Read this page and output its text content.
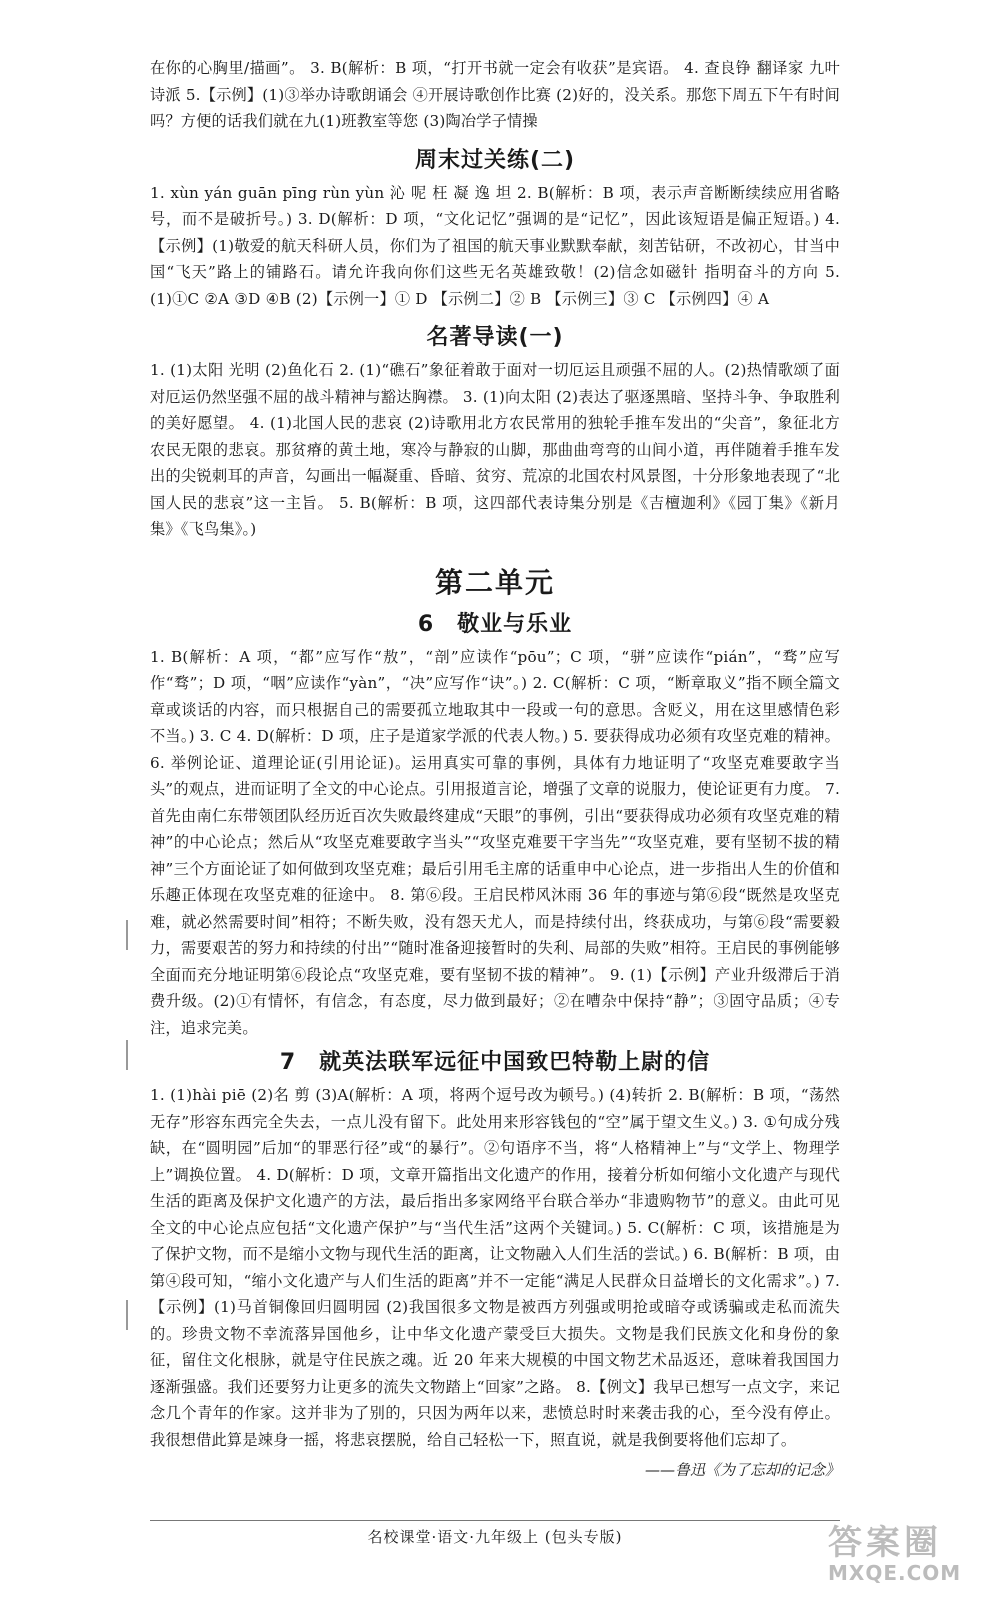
在你的心胸里/描画”。 3. B(解析：B 项，“打开书就一定会有收获”是宾语。 4. 查良铮 翻译家 九叶诗派 5.【示例】(1)③举办诗歌朗诵会 ④开展诗歌创作比赛 (2)好的，没关系。那您下周五下午有时间吗？方便的话我们就在九(1)班教室等您 (3)陶冶学子情操

周末过关练(二)

1. xùn yán guān pīng rùn yùn 沁 呢 枉 凝 逸 坦 2. B(解析：B 项，表示声音断断续续应用省略号，而不是破折号。) 3. D(解析：D 项，“文化记忆”强调的是“记忆”，因此该短语是偏正短语。) 4.【示例】(1)敬爱的航天科研人员，你们为了祖国的航天事业默默奉献，刻苦钻研，不改初心，甘当中国“飞天”路上的铺路石。请允许我向你们这些无名英雄致敬！(2)信念如磁针 指明奋斗的方向 5. (1)①C ②A ③D ④B (2)【示例一】① D 【示例二】② B 【示例三】③ C 【示例四】④ A

名著导读(一)

1. (1)太阳 光明 (2)鱼化石 2. (1)“礁石”象征着敢于面对一切厄运且顽强不屈的人。(2)热情歌颂了面对厄运仍然坚强不屈的战斗精神与豁达胸襟。 3. (1)向太阳 (2)表达了驱逐黑暗、坚持斗争、争取胜利的美好愿望。 4. (1)北国人民的悲哀 (2)诗歌用北方农民常用的独轮手推车发出的“尖音”，象征北方农民无限的悲哀。那贫瘠的黄土地，寒冷与静寂的山脚，那曲曲弯弯的山间小道，再伴随着手推车发出的尖锐刺耳的声音，勾画出一幅凝重、昏暗、贫穷、荒凉的北国农村风景图，十分形象地表现了“北国人民的悲哀”这一主旨。 5. B(解析：B 项，这四部代表诗集分别是《吉檀迦利》《园丁集》《新月集》《飞鸟集》。)

第二单元
6　敬业与乐业

1. B(解析：A 项，“都”应写作“敖”，“剖”应读作“pōu”；C 项，“骈”应读作“pián”，“骛”应写作“骛”；D 项，“咽”应读作“yàn”，“决”应写作“诀”。) 2. C(解析：C 项，“断章取义”指不顾全篇文章或谈话的内容，而只根据自己的需要孤立地取其中一段或一句的意思。含贬义，用在这里感情色彩不当。) 3. C 4. D(解析：D 项，庄子是道家学派的代表人物。) 5. 要获得成功必须有攻坚克难的精神。 6. 举例论证、道理论证(引用论证)。运用真实可靠的事例，具体有力地证明了“攻坚克难要敢字当头”的观点，进而证明了全文的中心论点。引用报道言论，增强了文章的说服力，使论证更有力度。 7. 首先由南仁东带领团队经历近百次失败最终建成“天眼”的事例，引出“要获得成功必须有攻坚克难的精神”的中心论点；然后从“攻坚克难要敢字当头”“攻坚克难要干字当先”“攻坚克难，要有坚韧不拔的精神”三个方面论证了如何做到攻坚克难；最后引用毛主席的话重申中心论点，进一步指出人生的价值和乐趣正体现在攻坚克难的征途中。 8. 第⑥段。王启民栉风沐雨 36 年的事迹与第⑥段“既然是攻坚克难，就必然需要时间”相符；不断失败，没有怨天尤人，而是持续付出，终获成功，与第⑥段“需要毅力，需要艰苦的努力和持续的付出”“随时准备迎接暂时的失利、局部的失败”相符。王启民的事例能够全面而充分地证明第⑥段论点“攻坚克难，要有坚韧不拔的精神”。 9. (1)【示例】产业升级滞后于消费升级。(2)①有情怀，有信念，有态度，尽力做到最好；②在嘈杂中保持“静”；③固守品质；④专注，追求完美。

7　就英法联军远征中国致巴特勒上尉的信

1. (1)hài piē (2)名 剪 (3)A(解析：A 项，将两个逗号改为顿号。) (4)转折 2. B(解析：B 项，“荡然无存”形容东西完全失去，一点儿没有留下。此处用来形容钱包的“空”属于望文生义。) 3. ①句成分残缺，在“圆明园”后加“的罪恶行径”或“的暴行”。②句语序不当，将“人格精神上”与“文学上、物理学上”调换位置。 4. D(解析：D 项，文章开篇指出文化遗产的作用，接着分析如何缩小文化遗产与现代生活的距离及保护文化遗产的方法，最后指出多家网络平台联合举办“非遗购物节”的意义。由此可见全文的中心论点应包括“文化遗产保护”与“当代生活”这两个关键词。) 5. C(解析：C 项，该措施是为了保护文物，而不是缩小文物与现代生活的距离，让文物融入人们生活的尝试。) 6. B(解析：B 项，由第④段可知，“缩小文化遗产与人们生活的距离”并不一定能“满足人民群众日益增长的文化需求”。) 7.【示例】(1)马首铜像回归圆明园 (2)我国很多文物是被西方列强或明抢或暗夺或诱骗或走私而流失的。珍贵文物不幸流落异国他乡，让中华文化遗产蒙受巨大损失。文物是我们民族文化和身份的象征，留住文化根脉，就是守住民族之魂。近 20 年来大规模的中国文物艺术品返还，意味着我国国力逐渐强盛。我们还要努力让更多的流失文物踏上“回家”之路。 8.【例文】我早已想写一点文字，来记念几个青年的作家。这并非为了别的，只因为两年以来，悲愤总时时来袭击我的心，至今没有停止。我很想借此算是竦身一摇，将悲哀摆脱，给自己轻松一下，照直说，就是我倒要将他们忘却了。

——鲁迅《为了忘却的记念》

名校课堂·语文·九年级上 (包头专版)	答案圈
MXQE.COM
